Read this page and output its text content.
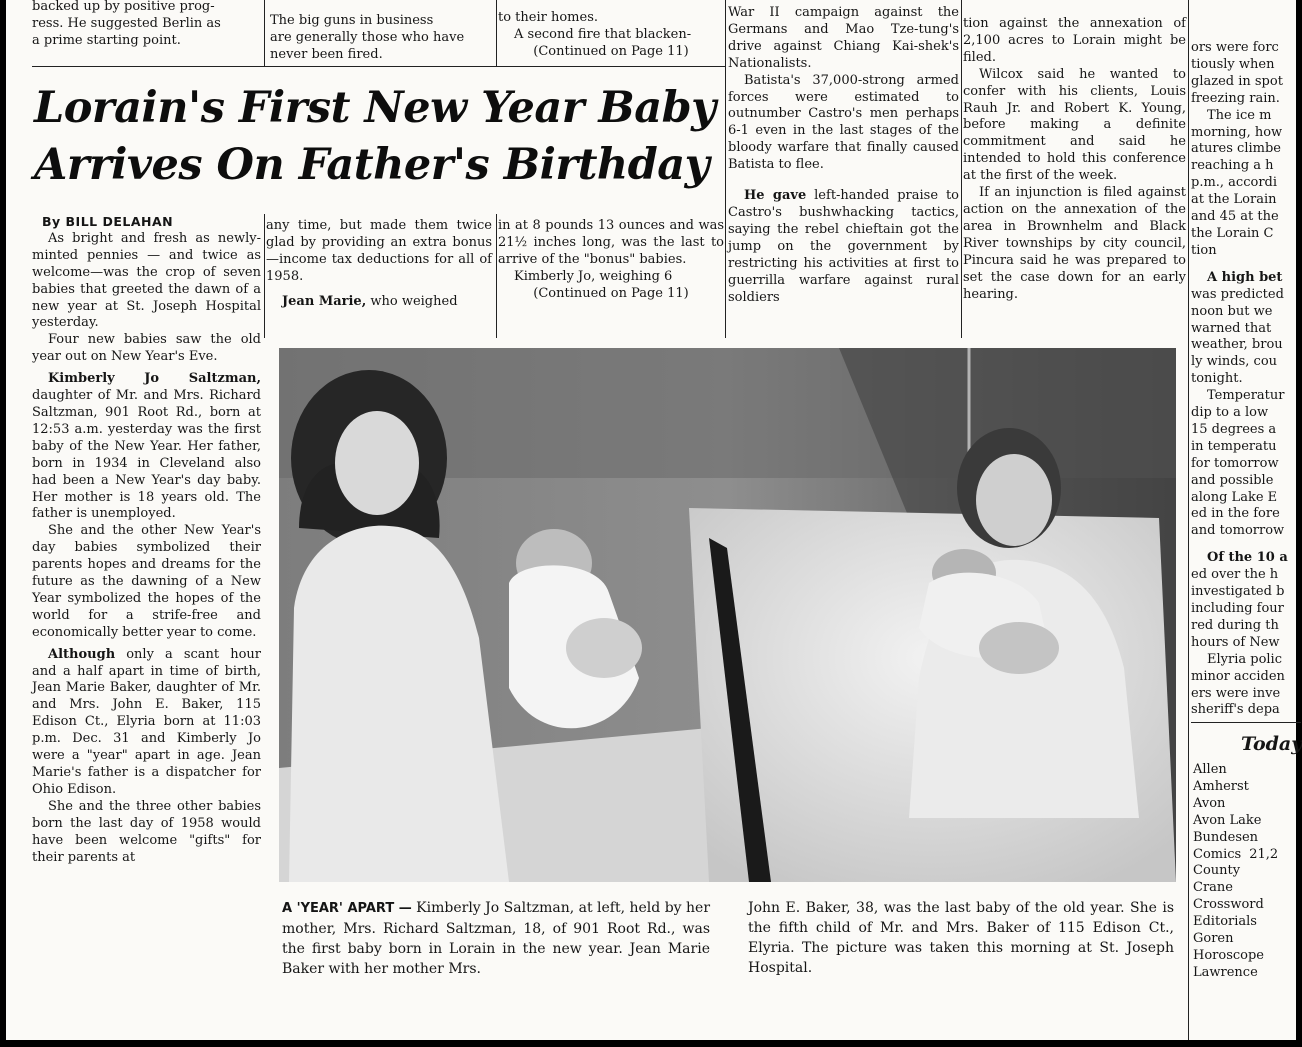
backed up by positive prog-

ress. He suggested Berlin as

a prime starting point.

The big guns in business

are generally those who have

never been fired.

to their homes.

A second fire that blacken-

(Continued on Page 11)

Lorain's First New Year Baby
Arrives On Father's Birthday

By BILL DELAHAN

As bright and fresh as newly-minted pennies — and twice as welcome—was the crop of seven babies that greeted the dawn of a new year at St. Joseph Hospital yesterday.

Four new babies saw the old year out on New Year's Eve.

Kimberly Jo Saltzman, daughter of Mr. and Mrs. Richard Saltzman, 901 Root Rd., born at 12:53 a.m. yesterday was the first baby of the New Year. Her father, born in 1934 in Cleveland also had been a New Year's day baby. Her mother is 18 years old. The father is unemployed.

She and the other New Year's day babies symbolized their parents hopes and dreams for the future as the dawning of a New Year symbolized the hopes of the world for a strife-free and economically better year to come.

Although only a scant hour and a half apart in time of birth, Jean Marie Baker, daughter of Mr. and Mrs. John E. Baker, 115 Edison Ct., Elyria born at 11:03 p.m. Dec. 31 and Kimberly Jo were a "year" apart in age. Jean Marie's father is a dispatcher for Ohio Edison.

She and the three other babies born the last day of 1958 would have been welcome "gifts" for their parents at

any time, but made them twice glad by providing an extra bonus—income tax deductions for all of 1958.

Jean Marie, who weighed

in at 8 pounds 13 ounces and was 21½ inches long, was the last to arrive of the "bonus" babies.

Kimberly Jo, weighing 6

(Continued on Page 11)

War II campaign against the Germans and Mao Tze-tung's drive against Chiang Kai-shek's Nationalists.

Batista's 37,000-strong armed forces were estimated to outnumber Castro's men perhaps 6-1 even in the last stages of the bloody warfare that finally caused Batista to flee.

He gave left-handed praise to Castro's bushwhacking tactics, saying the rebel chieftain got the jump on the government by restricting his activities at first to guerrilla warfare against rural soldiers

tion against the annexation of 2,100 acres to Lorain might be filed.

Wilcox said he wanted to confer with his clients, Louis Rauh Jr. and Robert K. Young, before making a definite commitment and said he intended to hold this conference at the first of the week.

If an injunction is filed against action on the annexation of the area in Brownhelm and Black River townships by city council, Pincura said he was prepared to set the case down for an early hearing.

ors were forc
tiously when
glazed in spot
freezing rain.
The ice m
morning, how
atures climbe
reaching a h
p.m., accordi
at the Lorain
and 45 at the
the Lorain C
tion
A high bet
was predicted
noon but we
warned that
weather, brou
ly winds, cou
tonight.
Temperatur
dip to a low
15 degrees a
in temperatu
for tomorrow
and possible
along Lake E
ed in the fore
and tomorrow
Of the 10 a
ed over the h
investigated b
including four
red during th
hours of New
Elyria polic
minor acciden
ers were inve
sheriff's depa

Today

Allen
Amherst
Avon
Avon Lake
Bundesen
Comics 21,2
County
Crane
Crossword
Editorials
Goren
Horoscope
Lawrence

A 'YEAR' APART — Kimberly Jo Saltzman, at left, held by her mother, Mrs. Richard Saltzman, 18, of 901 Root Rd., was the first baby born in Lorain in the new year. Jean Marie Baker with her mother Mrs.

John E. Baker, 38, was the last baby of the old year. She is the fifth child of Mr. and Mrs. Baker of 115 Edison Ct., Elyria. The picture was taken this morning at St. Joseph Hospital.
